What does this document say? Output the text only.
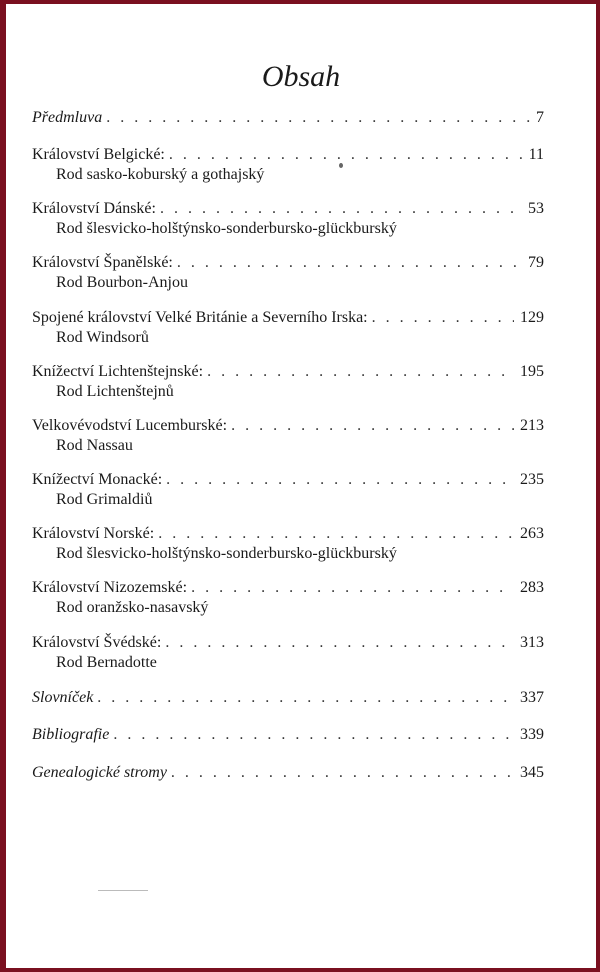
Obsah
Předmluva . . .	7
Království Belgické: . . .	11
Rod sasko-koburský a gothajský
Království Dánské: . . .	53
Rod šlesvicko-holštýnsko-sonderbursko-glückburský
Království Španělské: . . .	79
Rod Bourbon-Anjou
Spojené království Velké Británie a Severního Irska: . . .	129
Rod Windsorů
Knížectví Lichtenštejnské: . . .	195
Rod Lichtenštejnů
Velkovévodství Lucemburské: . . .	213
Rod Nassau
Knížectví Monacké: . . .	235
Rod Grimaldiů
Království Norské: . . .	263
Rod šlesvicko-holštýnsko-sonderbursko-glückburský
Království Nizozemské: . . .	283
Rod oranžsko-nasavský
Království Švédské: . . .	313
Rod Bernadotte
Slovníček . . .	337
Bibliografie . . .	339
Genealogické stromy . . .	345
